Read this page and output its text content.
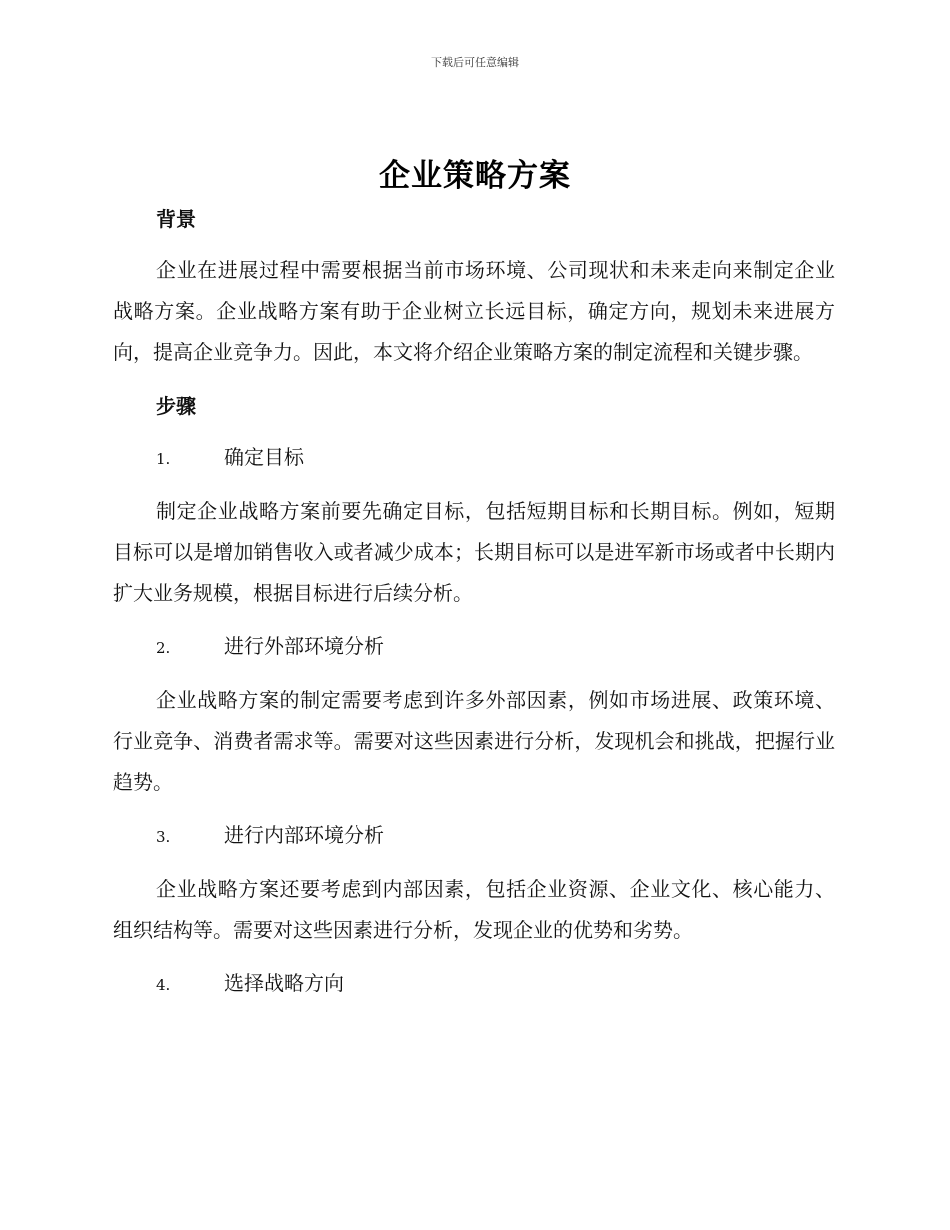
下载后可任意编辑
企业策略方案

背景

企业在进展过程中需要根据当前市场环境、公司现状和未来走向来制定企业战略方案。企业战略方案有助于企业树立长远目标，确定方向，规划未来进展方向，提高企业竞争力。因此，本文将介绍企业策略方案的制定流程和关键步骤。

步骤

1.	确定目标

制定企业战略方案前要先确定目标，包括短期目标和长期目标。例如，短期目标可以是增加销售收入或者减少成本；长期目标可以是进军新市场或者中长期内扩大业务规模，根据目标进行后续分析。

2.	进行外部环境分析

企业战略方案的制定需要考虑到许多外部因素，例如市场进展、政策环境、行业竞争、消费者需求等。需要对这些因素进行分析，发现机会和挑战，把握行业趋势。

3.	进行内部环境分析

企业战略方案还要考虑到内部因素，包括企业资源、企业文化、核心能力、组织结构等。需要对这些因素进行分析，发现企业的优势和劣势。

4.	选择战略方向
